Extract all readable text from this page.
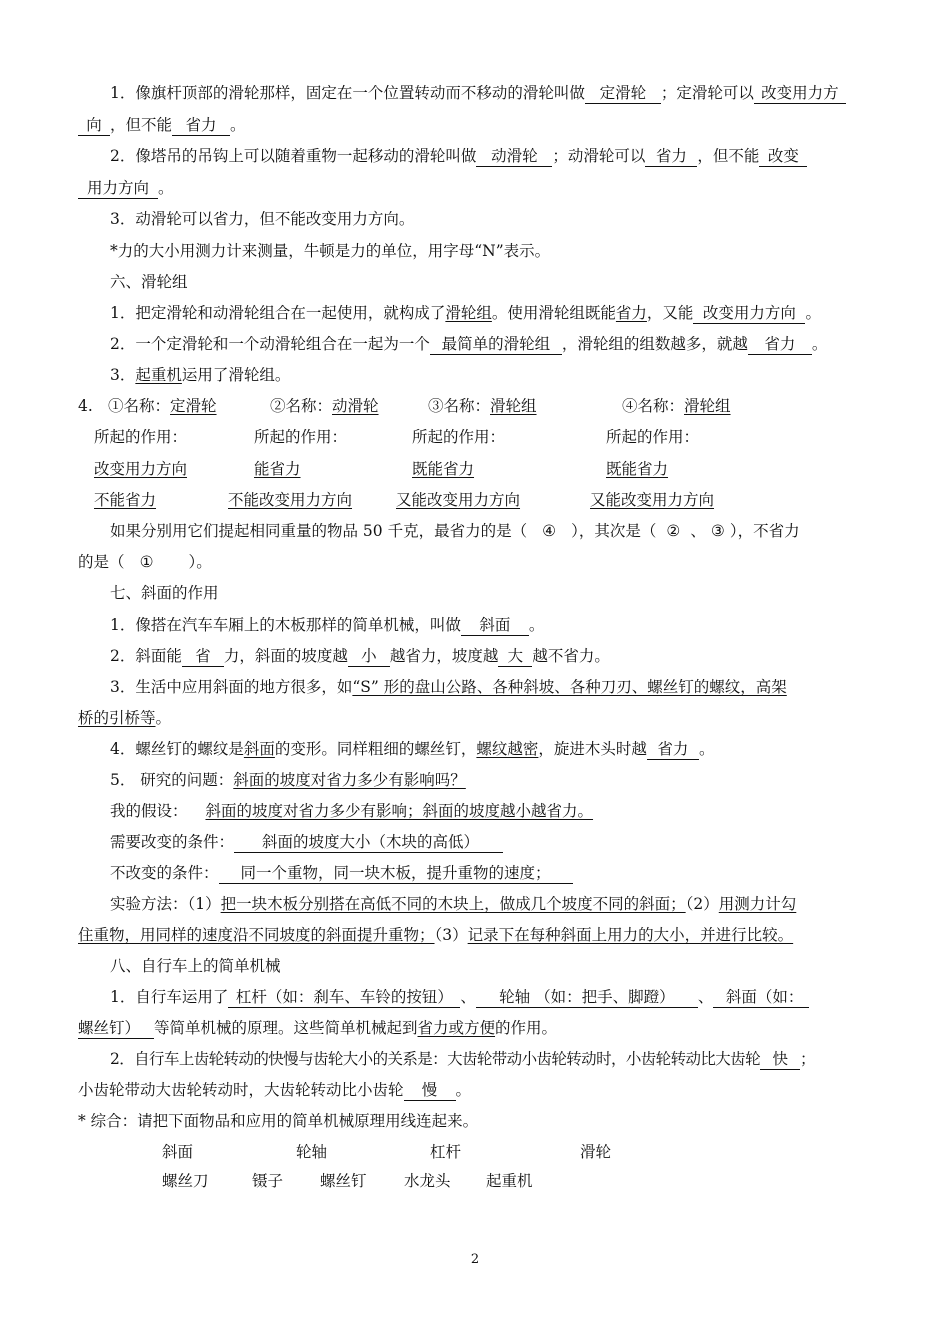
1．像旗杆顶部的滑轮那样，固定在一个位置转动而不移动的滑轮叫做 定滑轮 ；定滑轮可以 改变用力方
向 ，但不能 省力 。
2．像塔吊的吊钩上可以随着重物一起移动的滑轮叫做 动滑轮 ；动滑轮可以 省力 ，但不能 改变
用力方向 。
3．动滑轮可以省力，但不能改变用力方向。
*力的大小用测力计来测量，牛顿是力的单位，用字母“N”表示。
六、滑轮组
1．把定滑轮和动滑轮组合在一起使用，就构成了滑轮组。使用滑轮组既能省力，又能 改变用力方向 。
2．一个定滑轮和一个动滑轮组合在一起为一个 最简单的滑轮组 ，滑轮组的组数越多，就越 省力 。
3．起重机运用了滑轮组。
4. ①名称：定滑轮	②名称：动滑轮	③名称：滑轮组	④名称：滑轮组
所起的作用：	所起的作用：	所起的作用：	所起的作用：
改变用力方向	能省力	既能省力	既能省力
不能省力	不能改变用力方向	又能改变用力方向	又能改变用力方向
如果分别用它们提起相同重量的物品 50 千克，最省力的是（ ④ ），其次是（ ② 、 ③ ），不省力
的是（ ① ）。
七、斜面的作用
1．像搭在汽车车厢上的木板那样的简单机械，叫做 斜面 。
2．斜面能 省 力，斜面的坡度越 小 越省力，坡度越 大 越不省力。
3．生活中应用斜面的地方很多，如“S” 形的盘山公路、各种斜坡、各种刀刃、螺丝钉的螺纹，高架
桥的引桥等。
4．螺丝钉的螺纹是斜面的变形。同样粗细的螺丝钉，螺纹越密，旋进木头时越 省力 。
5． 研究的问题：斜面的坡度对省力多少有影响吗？
我的假设： 斜面的坡度对省力多少有影响；斜面的坡度越小越省力。
需要改变的条件： 斜面的坡度大小（木块的高低）
不改变的条件： 同一个重物，同一块木板，提升重物的速度；
实验方法：（1）把一块木板分别搭在高低不同的木块上，做成几个坡度不同的斜面；（2）用测力计勾
住重物，用同样的速度沿不同坡度的斜面提升重物；（3）记录下在每种斜面上用力的大小，并进行比较。
八、自行车上的简单机械
1．自行车运用了 杠杆（如：刹车、车铃的按钮） 、 轮轴 （如：把手、脚蹬） 、 斜面（如：
螺丝钉） 等简单机械的原理。这些简单机械起到省力或方便的作用。
2．自行车上齿轮转动的快慢与齿轮大小的关系是：大齿轮带动小齿轮转动时，小齿轮转动比大齿轮 快 ；
小齿轮带动大齿轮转动时，大齿轮转动比小齿轮 慢 。
* 综合：请把下面物品和应用的简单机械原理用线连起来。
斜面	轮轴	杠杆	滑轮
螺丝刀	镊子 螺丝钉 水龙头 起重机
2
